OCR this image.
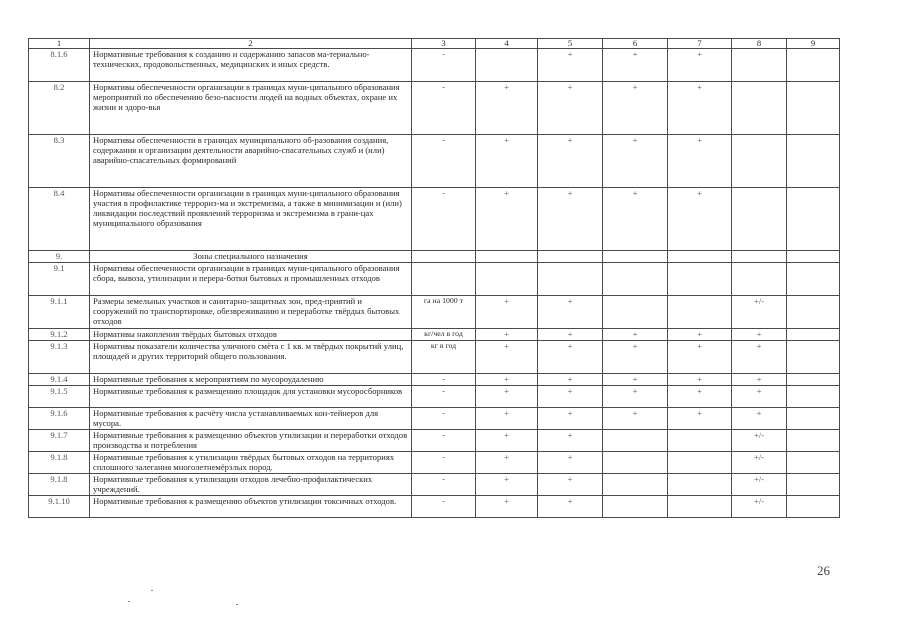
1	2	3	4	5	6	7	8	9
8.1.6	Нормативные требования к созданию и содержанию запасов ма-териально-технических, продовольственных, медицинских и иных средств.	-		+	+	+		
8.2	Нормативы обеспеченности организации в границах муни-ципального образования мероприятий по обеспечению безо-пасности людей на водных объектах, охране их жизни и здоро-вья	-	+	+	+	+		
8.3	Нормативы обеспеченности в границах муниципального об-разования создания, содержания и организации деятельности аварийно-спасательных служб и (или) аварийно-спасательных формирований	-	+	+	+	+		
8.4	Нормативы обеспеченности организации в границах муни-ципального образования участия в профилактике террориз-ма и экстремизма, а также в минимизации и (или) ликвидации последствий проявлений терроризма и экстремизма в грани-цах муниципального образования	-	+	+	+	+		
9.	Зоны специального назначения							
9.1	Нормативы обеспеченности организации в границах муни-ципального образования сбора, вывоза, утилизации и перера-ботки бытовых и промышленных отходов							
9.1.1	Размеры земельных участков и санитарно-защитных зон, пред-приятий и сооружений по транспортировке, обезвреживанию и переработке твёрдых бытовых отходов	га на 1000 т	+	+			+/-	
9.1.2	Нормативы накопления твёрдых бытовых отходов	кг/чел в год	+	+	+	+	+	
9.1.3	Нормативы показатели количества уличного смёта с 1 кв. м твёрдых покрытий улиц, площадей и других территорий общего пользования.	кг в год	+	+	+	+	+	
9.1.4	Нормативные требования к мероприятиям по мусороудалению	-	+	+	+	+	+	
9.1.5	Нормативные требования к размещению площадок для установки мусоросборников	-	+	+	+	+	+	
9.1.6	Нормативные требования к расчёту числа устанавливаемых кон-тейнеров для мусора.	-	+	+	+	+	+	
9.1.7	Нормативные требования к размещению объектов утилизации и переработки отходов производства и потребления	-	+	+			+/-	
9.1.8	Нормативные требования к утилизации твёрдых бытовых отходов на территориях сплошного залегания многолетнемёрзлых пород.	-	+	+			+/-	
9.1.8	Нормативные требования к утилизации отходов лечебно-профилактических учреждений.	-	+	+			+/-	
9.1.10	Нормативные требования к размещению объектов утилизации токсичных отходов.	-	+	+			+/-	
26
